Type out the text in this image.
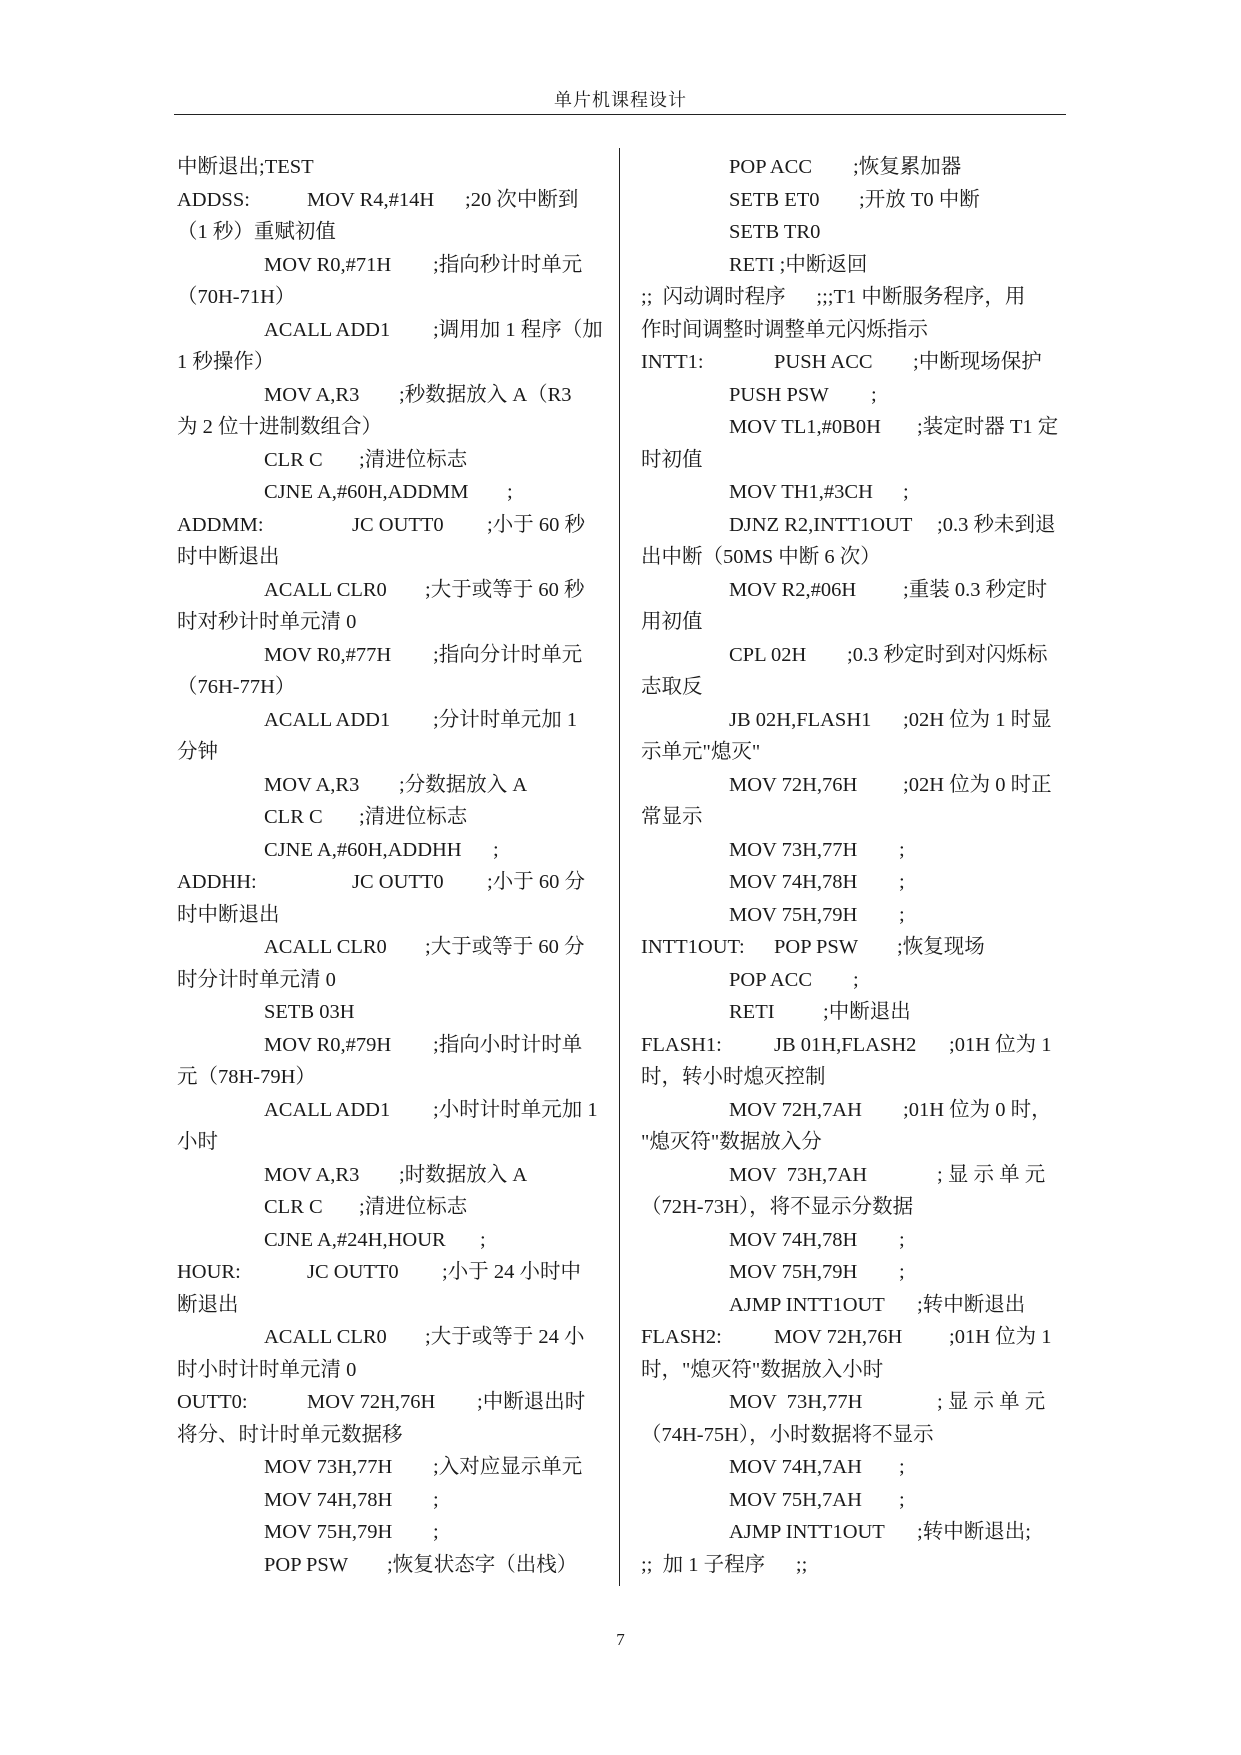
单片机课程设计
中断退出;TEST
ADDSS:	MOV R4,#14H ;20 次中断到
（1 秒）重赋初值
MOV R0,#71H ;指向秒计时单元
（70H-71H）
ACALL ADD1 ;调用加 1 程序（加
1 秒操作）
MOV A,R3 ;秒数据放入 A（R3
为 2 位十进制数组合）
CLR C ;清进位标志
CJNE A,#60H,ADDMM ;
ADDMM:	JC OUTT0 ;小于 60 秒
时中断退出
ACALL CLR0 ;大于或等于 60 秒
时对秒计时单元清 0
MOV R0,#77H ;指向分计时单元
（76H-77H）
ACALL ADD1 ;分计时单元加 1
分钟
MOV A,R3 ;分数据放入 A
CLR C ;清进位标志
CJNE A,#60H,ADDHH ;
ADDHH:	JC OUTT0 ;小于 60 分
时中断退出
ACALL CLR0 ;大于或等于 60 分
时分计时单元清 0
SETB 03H
MOV R0,#79H ;指向小时计时单
元（78H-79H）
ACALL ADD1 ;小时计时单元加 1
小时
MOV A,R3 ;时数据放入 A
CLR C ;清进位标志
CJNE A,#24H,HOUR ;
HOUR:	JC OUTT0 ;小于 24 小时中
断退出
ACALL CLR0 ;大于或等于 24 小
时小时计时单元清 0
OUTT0:	MOV 72H,76H ;中断退出时
将分、时计时单元数据移
MOV 73H,77H ;入对应显示单元
MOV 74H,78H ;
MOV 75H,79H ;
POP PSW ;恢复状态字（出栈）
POP ACC ;恢复累加器
SETB ET0 ;开放 T0 中断
SETB TR0
RETI ;中断返回
;;  闪动调时程序      ;;;T1 中断服务程序，用
作时间调整时调整单元闪烁指示
INTT1:	PUSH ACC ;中断现场保护
PUSH PSW ;
MOV TL1,#0B0H ;装定时器 T1 定
时初值
MOV TH1,#3CH ;
DJNZ R2,INTT1OUT ;0.3 秒未到退
出中断（50MS 中断 6 次）
MOV R2,#06H ;重装 0.3 秒定时
用初值
CPL 02H ;0.3 秒定时到对闪烁标
志取反
JB 02H,FLASH1 ;02H 位为 1 时显
示单元"熄灭"
MOV 72H,76H ;02H 位为 0 时正
常显示
MOV 73H,77H ;
MOV 74H,78H ;
MOV 75H,79H ;
INTT1OUT: POP PSW ;恢复现场
POP ACC ;
RETI ;中断退出
FLASH1:	JB 01H,FLASH2 ;01H 位为 1
时，转小时熄灭控制
MOV 72H,7AH ;01H 位为 0 时，
"熄灭符"数据放入分
MOV  73H,7AH	; 显 示 单 元
（72H-73H），将不显示分数据
MOV 74H,78H ;
MOV 75H,79H ;
AJMP INTT1OUT ;转中断退出
FLASH2:	MOV 72H,76H ;01H 位为 1
时，"熄灭符"数据放入小时
MOV  73H,77H	; 显 示 单 元
（74H-75H），小时数据将不显示
MOV 74H,7AH ;
MOV 75H,7AH ;
AJMP INTT1OUT ;转中断退出;
;;  加 1 子程序      ;;
7
